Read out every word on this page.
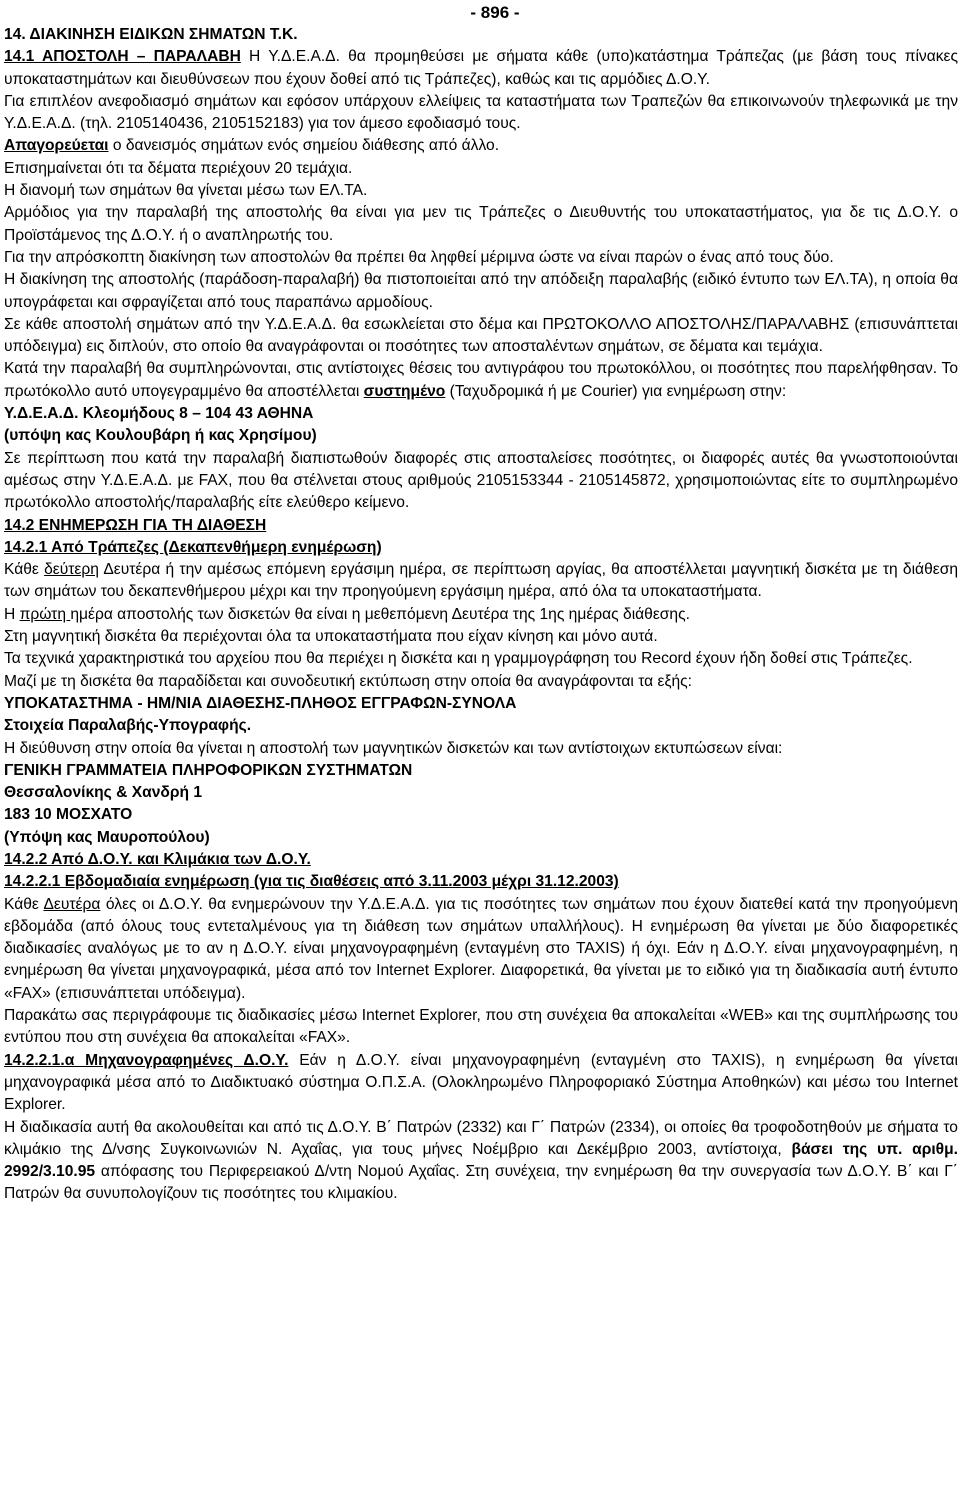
- 896 -
14. ΔΙΑΚΙΝΗΣΗ ΕΙΔΙΚΩΝ ΣΗΜΑΤΩΝ Τ.Κ.
14.1 ΑΠΟΣΤΟΛΗ – ΠΑΡΑΛΑΒΗ Η Υ.Δ.Ε.Α.Δ. θα προμηθεύσει με σήματα κάθε (υπο)κατάστημα Τράπεζας (με βάση τους πίνακες υποκαταστημάτων και διευθύνσεων που έχουν δοθεί από τις Τράπεζες), καθώς και τις αρμόδιες Δ.Ο.Υ.
Για επιπλέον ανεφοδιασμό σημάτων και εφόσον υπάρχουν ελλείψεις τα καταστήματα των Τραπεζών θα επικοινωνούν τηλεφωνικά με την Υ.Δ.Ε.Α.Δ. (τηλ. 2105140436, 2105152183) για τον άμεσο εφοδιασμό τους.
Απαγορεύεται ο δανεισμός σημάτων ενός σημείου διάθεσης από άλλο.
Επισημαίνεται ότι τα δέματα περιέχουν 20 τεμάχια.
Η διανομή των σημάτων θα γίνεται μέσω των ΕΛ.ΤΑ.
Αρμόδιος για την παραλαβή της αποστολής θα είναι για μεν τις Τράπεζες ο Διευθυντής του υποκαταστήματος, για δε τις Δ.Ο.Υ. ο Προϊστάμενος της Δ.Ο.Υ. ή ο αναπληρωτής του.
Για την απρόσκοπτη διακίνηση των αποστολών θα πρέπει θα ληφθεί μέριμνα ώστε να είναι παρών ο ένας από τους δύο.
Η διακίνηση της αποστολής (παράδοση-παραλαβή) θα πιστοποιείται από την απόδειξη παραλαβής (ειδικό έντυπο των ΕΛ.ΤΑ), η οποία θα υπογράφεται και σφραγίζεται από τους παραπάνω αρμοδίους.
Σε κάθε αποστολή σημάτων από την Υ.Δ.Ε.Α.Δ. θα εσωκλείεται στο δέμα και ΠΡΩΤΟΚΟΛΛΟ ΑΠΟΣΤΟΛΗΣ/ΠΑΡΑΛΑΒΗΣ (επισυνάπτεται υπόδειγμα) εις διπλούν, στο οποίο θα αναγράφονται οι ποσότητες των αποσταλέντων σημάτων, σε δέματα και τεμάχια.
Κατά την παραλαβή θα συμπληρώνονται, στις αντίστοιχες θέσεις του αντιγράφου του πρωτοκόλλου, οι ποσότητες που παρελήφθησαν. Το πρωτόκολλο αυτό υπογεγραμμένο θα αποστέλλεται συστημένο (Ταχυδρομικά ή με Courier) για ενημέρωση στην:
Υ.Δ.Ε.Α.Δ. Κλεομήδους 8 – 104 43 ΑΘΗΝΑ
(υπόψη κας Κουλουβάρη ή κας Χρησίμου)
Σε περίπτωση που κατά την παραλαβή διαπιστωθούν διαφορές στις αποσταλείσες ποσότητες, οι διαφορές αυτές θα γνωστοποιούνται αμέσως στην Υ.Δ.Ε.Α.Δ. με FAX, που θα στέλνεται στους αριθμούς 2105153344 - 2105145872, χρησιμοποιώντας είτε το συμπληρωμένο πρωτόκολλο αποστολής/παραλαβής είτε ελεύθερο κείμενο.
14.2 ΕΝΗΜΕΡΩΣΗ ΓΙΑ ΤΗ ΔΙΑΘΕΣΗ
14.2.1 Από Τράπεζες (Δεκαπενθήμερη ενημέρωση)
Κάθε δεύτερη Δευτέρα ή την αμέσως επόμενη εργάσιμη ημέρα, σε περίπτωση αργίας, θα αποστέλλεται μαγνητική δισκέτα με τη διάθεση των σημάτων του δεκαπενθήμερου μέχρι και την προηγούμενη εργάσιμη ημέρα, από όλα τα υποκαταστήματα.
Η πρώτη ημέρα αποστολής των δισκετών θα είναι η μεθεπόμενη Δευτέρα της 1ης ημέρας διάθεσης.
Στη μαγνητική δισκέτα θα περιέχονται όλα τα υποκαταστήματα που είχαν κίνηση και μόνο αυτά.
Τα τεχνικά χαρακτηριστικά του αρχείου που θα περιέχει η δισκέτα και η γραμμογράφηση του Record έχουν ήδη δοθεί στις Τράπεζες.
Μαζί με τη δισκέτα θα παραδίδεται και συνοδευτική εκτύπωση στην οποία θα αναγράφονται τα εξής:
ΥΠΟΚΑΤΑΣΤΗΜΑ - ΗΜ/ΝΙΑ ΔΙΑΘΕΣΗΣ-ΠΛΗΘΟΣ ΕΓΓΡΑΦΩΝ-ΣΥΝΟΛΑ
Στοιχεία Παραλαβής-Υπογραφής.
Η διεύθυνση στην οποία θα γίνεται η αποστολή των μαγνητικών δισκετών και των αντίστοιχων εκτυπώσεων είναι:
ΓΕΝΙΚΗ ΓΡΑΜΜΑΤΕΙΑ ΠΛΗΡΟΦΟΡΙΚΩΝ ΣΥΣΤΗΜΑΤΩΝ
Θεσσαλονίκης & Χανδρή 1
183 10 ΜΟΣΧΑΤΟ
(Υπόψη κας Μαυροπούλου)
14.2.2 Από Δ.Ο.Υ. και Κλιμάκια των Δ.Ο.Υ.
14.2.2.1 Εβδομαδιαία ενημέρωση (για τις διαθέσεις από 3.11.2003 μέχρι 31.12.2003)
Κάθε Δευτέρα όλες οι Δ.Ο.Υ. θα ενημερώνουν την Υ.Δ.Ε.Α.Δ. για τις ποσότητες των σημάτων που έχουν διατεθεί κατά την προηγούμενη εβδομάδα (από όλους τους εντεταλμένους για τη διάθεση των σημάτων υπαλλήλους). Η ενημέρωση θα γίνεται με δύο διαφορετικές διαδικασίες αναλόγως με το αν η Δ.Ο.Υ. είναι μηχανογραφημένη (ενταγμένη στο TAXIS) ή όχι. Εάν η Δ.Ο.Υ. είναι μηχανογραφημένη, η ενημέρωση θα γίνεται μηχανογραφικά, μέσα από τον Internet Explorer. Διαφορετικά, θα γίνεται με το ειδικό για τη διαδικασία αυτή έντυπο «FAX» (επισυνάπτεται υπόδειγμα).
Παρακάτω σας περιγράφουμε τις διαδικασίες μέσω Internet Explorer, που στη συνέχεια θα αποκαλείται «WEB» και της συμπλήρωσης του εντύπου που στη συνέχεια θα αποκαλείται «FAX».
14.2.2.1.α Μηχανογραφημένες Δ.Ο.Υ. Εάν η Δ.Ο.Υ. είναι μηχανογραφημένη (ενταγμένη στο TAXIS), η ενημέρωση θα γίνεται μηχανογραφικά μέσα από το Διαδικτυακό σύστημα Ο.Π.Σ.Α. (Ολοκληρωμένο Πληροφοριακό Σύστημα Αποθηκών) και μέσω του Internet Explorer.
Η διαδικασία αυτή θα ακολουθείται και από τις Δ.Ο.Υ. Β΄ Πατρών (2332) και Γ΄ Πατρών (2334), οι οποίες θα τροφοδοτηθούν με σήματα το κλιμάκιο της Δ/νσης Συγκοινωνιών Ν. Αχαΐας, για τους μήνες Νοέμβριο και Δεκέμβριο 2003, αντίστοιχα, βάσει της υπ. αριθμ. 2992/3.10.95 απόφασης του Περιφερειακού Δ/ντη Νομού Αχαΐας. Στη συνέχεια, την ενημέρωση θα την συνεργασία των Δ.Ο.Υ. Β΄ και Γ΄ Πατρών θα συνυπολογίζουν τις ποσότητες του κλιμακίου.
